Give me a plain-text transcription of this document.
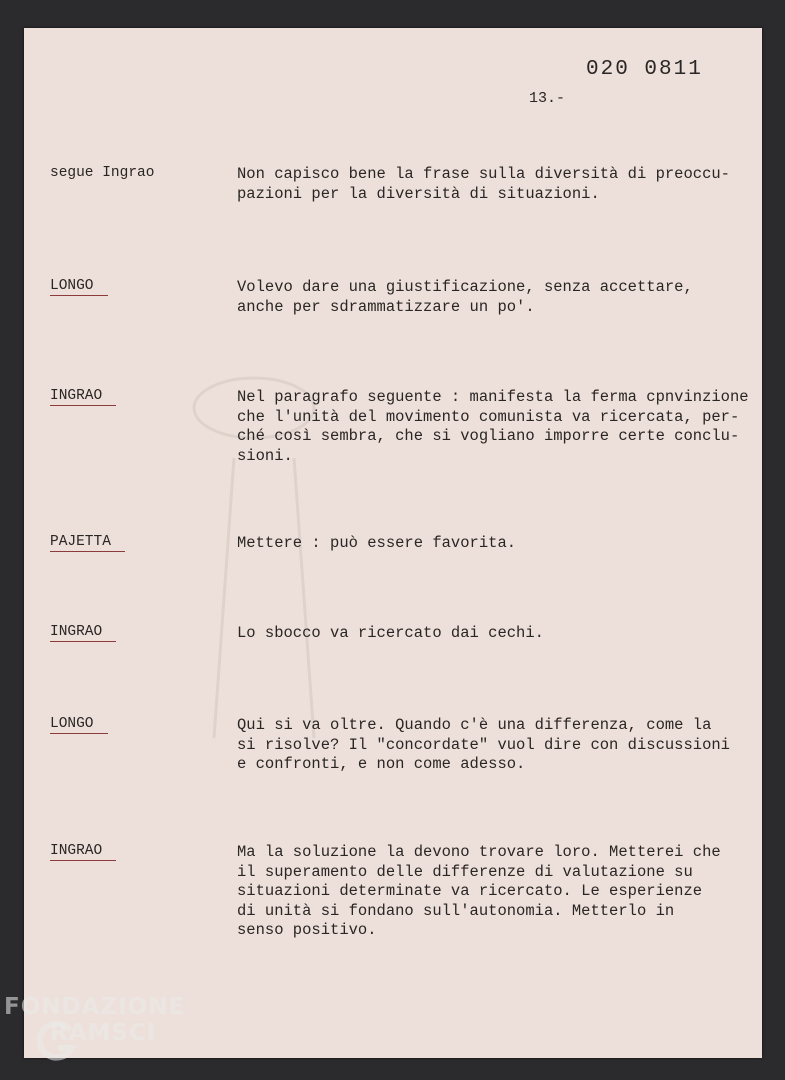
020 0811
13.-
segue Ingrao	Non capisco bene la frase sulla diversità di preoccu-
pazioni per la diversità di situazioni.
LONGO	Volevo dare una giustificazione, senza accettare,
anche per sdrammatizzare un po'.
INGRAO	Nel paragrafo seguente : manifesta la ferma cpnvinzione
che l'unità del movimento comunista va ricercata, per-
ché così sembra, che si vogliano imporre certe conclu-
sioni.
PAJETTA	Mettere : può essere favorita.
INGRAO	Lo sbocco va ricercato dai cechi.
LONGO	Qui si va oltre. Quando c'è una differenza, come la
si risolve? Il "concordate" vuol dire con discussioni
e confronti, e non come adesso.
INGRAO	Ma la soluzione la devono trovare loro. Metterei che
il superamento delle differenze di valutazione su
situazioni determinate va ricercato. Le esperienze
di unità si fondano sull'autonomia. Metterlo in
senso positivo.
FONDAZIONE
RAMSCI
